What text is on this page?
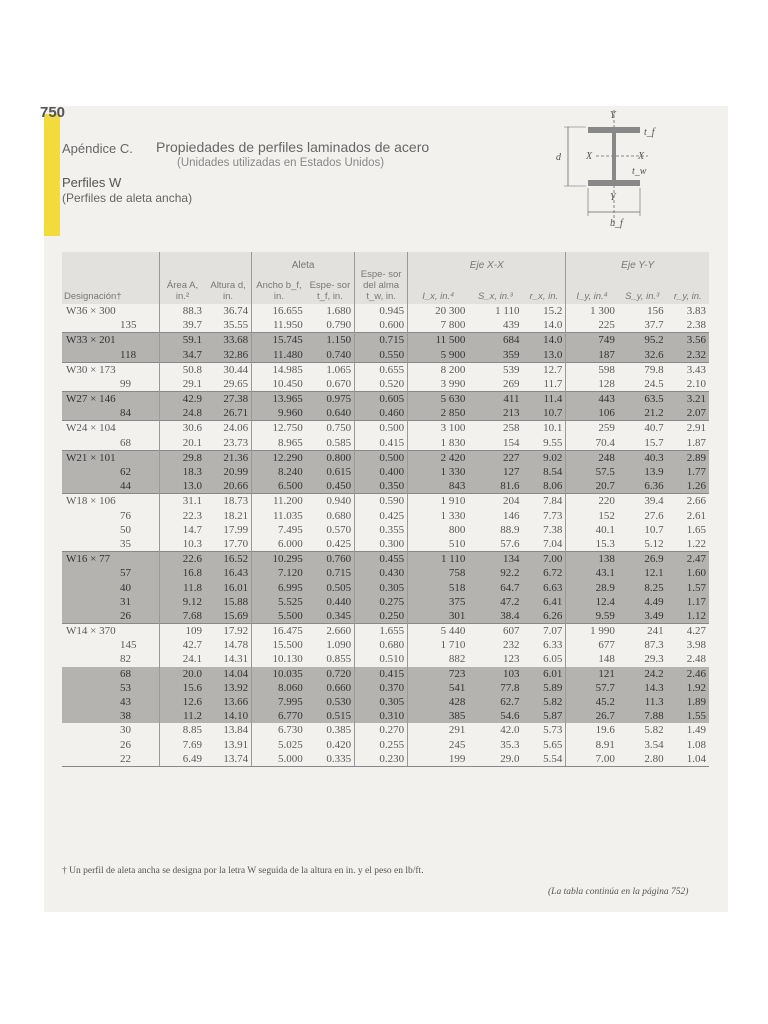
750
Apéndice C. Propiedades de perfiles laminados de acero
(Unidades utilizadas en Estados Unidos)
Perfiles W
(Perfiles de aleta ancha)
Y
d	X	X
t_w
t_f
Y
b_f
Designación†	Área A, in.²	Altura d, in.	Aleta		Espe- sor del alma t_w, in.	Eje X-X			Eje Y-Y		
			Ancho b_f, in.	Espe- sor t_f, in.		I_x, in.⁴	S_x, in.³	r_x, in.	I_y, in.⁴	S_y, in.³	r_y, in.
W36 × 300	88.3	36.74	16.655	1.680	0.945	20 300	1 110	15.2	1 300	156	3.83
135	39.7	35.55	11.950	0.790	0.600	7 800	439	14.0	225	37.7	2.38
W33 × 201	59.1	33.68	15.745	1.150	0.715	11 500	684	14.0	749	95.2	3.56
118	34.7	32.86	11.480	0.740	0.550	5 900	359	13.0	187	32.6	2.32
W30 × 173	50.8	30.44	14.985	1.065	0.655	8 200	539	12.7	598	79.8	3.43
99	29.1	29.65	10.450	0.670	0.520	3 990	269	11.7	128	24.5	2.10
W27 × 146	42.9	27.38	13.965	0.975	0.605	5 630	411	11.4	443	63.5	3.21
84	24.8	26.71	9.960	0.640	0.460	2 850	213	10.7	106	21.2	2.07
W24 × 104	30.6	24.06	12.750	0.750	0.500	3 100	258	10.1	259	40.7	2.91
68	20.1	23.73	8.965	0.585	0.415	1 830	154	9.55	70.4	15.7	1.87
W21 × 101	29.8	21.36	12.290	0.800	0.500	2 420	227	9.02	248	40.3	2.89
62	18.3	20.99	8.240	0.615	0.400	1 330	127	8.54	57.5	13.9	1.77
44	13.0	20.66	6.500	0.450	0.350	843	81.6	8.06	20.7	6.36	1.26
W18 × 106	31.1	18.73	11.200	0.940	0.590	1 910	204	7.84	220	39.4	2.66
76	22.3	18.21	11.035	0.680	0.425	1 330	146	7.73	152	27.6	2.61
50	14.7	17.99	7.495	0.570	0.355	800	88.9	7.38	40.1	10.7	1.65
35	10.3	17.70	6.000	0.425	0.300	510	57.6	7.04	15.3	5.12	1.22
W16 × 77	22.6	16.52	10.295	0.760	0.455	1 110	134	7.00	138	26.9	2.47
57	16.8	16.43	7.120	0.715	0.430	758	92.2	6.72	43.1	12.1	1.60
40	11.8	16.01	6.995	0.505	0.305	518	64.7	6.63	28.9	8.25	1.57
31	9.12	15.88	5.525	0.440	0.275	375	47.2	6.41	12.4	4.49	1.17
26	7.68	15.69	5.500	0.345	0.250	301	38.4	6.26	9.59	3.49	1.12
W14 × 370	109	17.92	16.475	2.660	1.655	5 440	607	7.07	1 990	241	4.27
145	42.7	14.78	15.500	1.090	0.680	1 710	232	6.33	677	87.3	3.98
82	24.1	14.31	10.130	0.855	0.510	882	123	6.05	148	29.3	2.48
68	20.0	14.04	10.035	0.720	0.415	723	103	6.01	121	24.2	2.46
53	15.6	13.92	8.060	0.660	0.370	541	77.8	5.89	57.7	14.3	1.92
43	12.6	13.66	7.995	0.530	0.305	428	62.7	5.82	45.2	11.3	1.89
38	11.2	14.10	6.770	0.515	0.310	385	54.6	5.87	26.7	7.88	1.55
30	8.85	13.84	6.730	0.385	0.270	291	42.0	5.73	19.6	5.82	1.49
26	7.69	13.91	5.025	0.420	0.255	245	35.3	5.65	8.91	3.54	1.08
22	6.49	13.74	5.000	0.335	0.230	199	29.0	5.54	7.00	2.80	1.04
† Un perfil de aleta ancha se designa por la letra W seguida de la altura en in. y el peso en lb/ft.
(La tabla continúa en la página 752)
